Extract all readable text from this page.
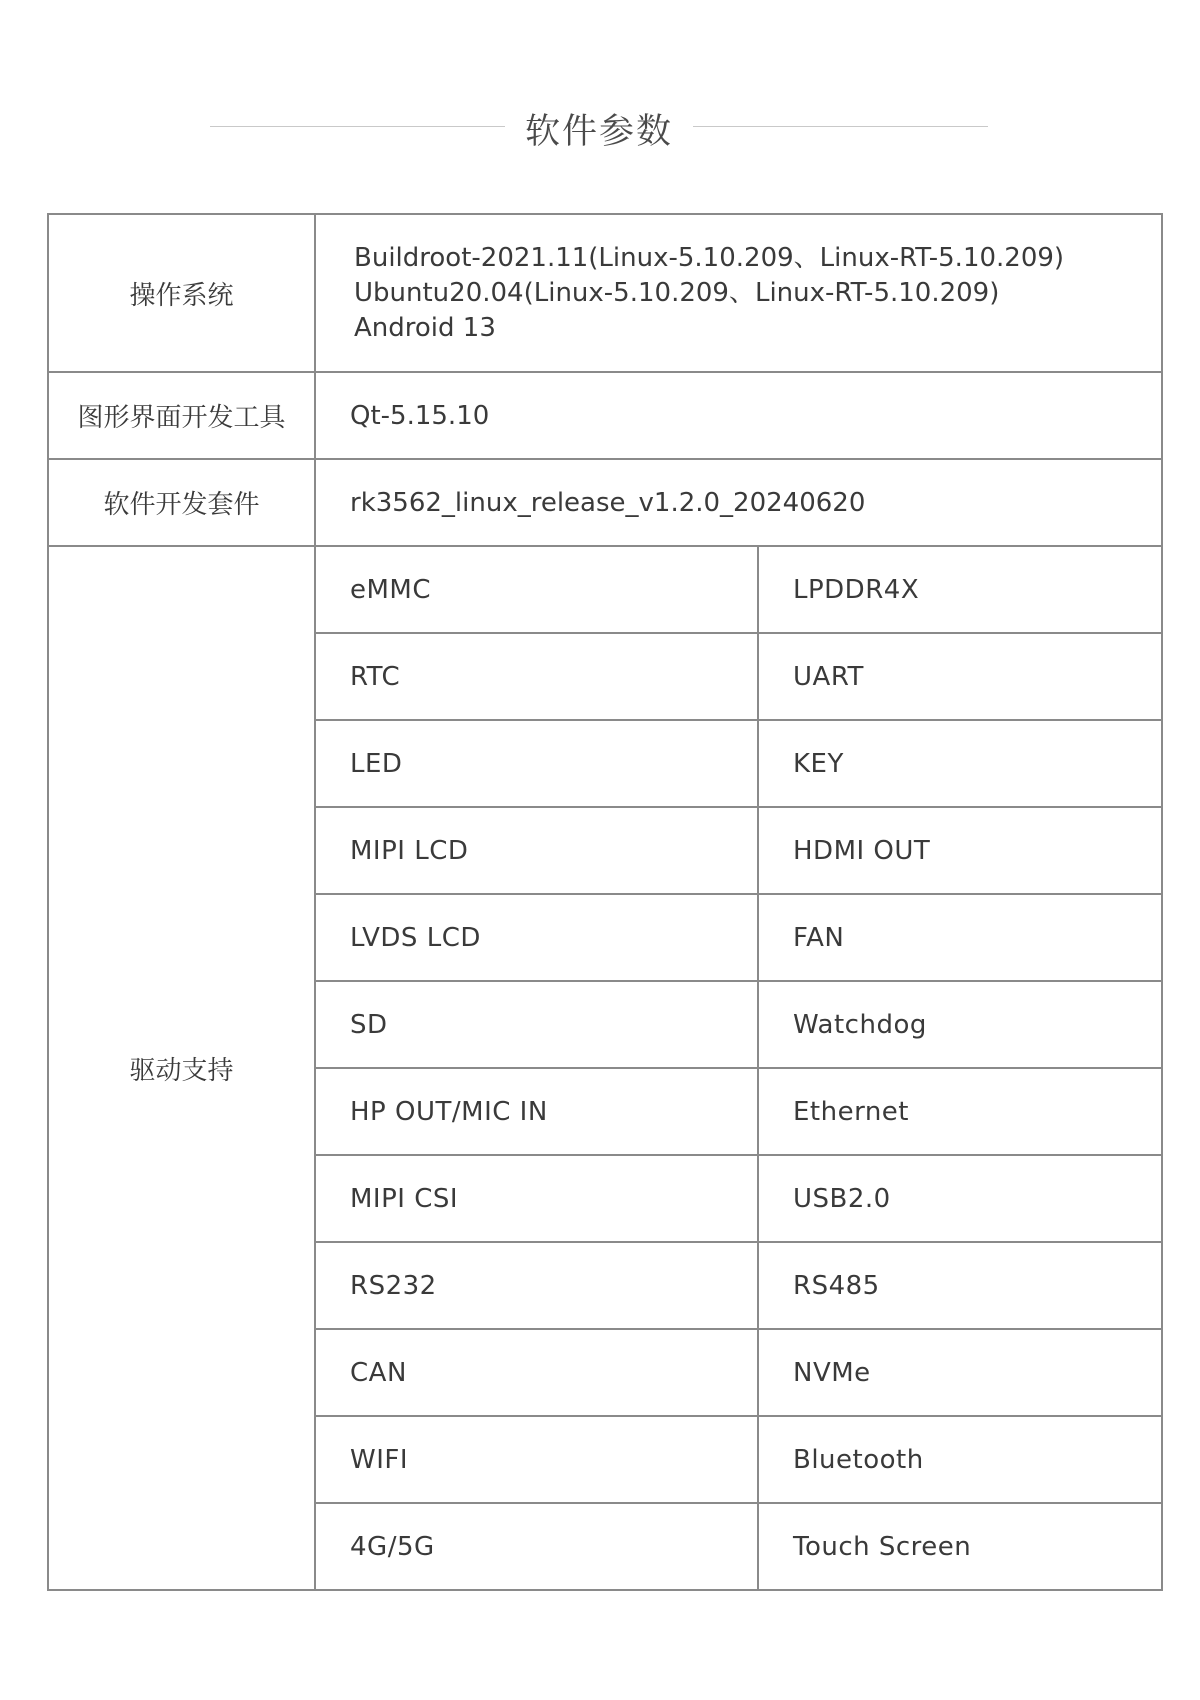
软件参数
操作系统	Buildroot-2021.11(Linux-5.10.209、Linux-RT-5.10.209)
Ubuntu20.04(Linux-5.10.209、Linux-RT-5.10.209)
Android 13	

图形界面开发工具	Qt-5.15.10	
软件开发套件	rk3562_linux_release_v1.2.0_20240620	
驱动支持	eMMC	LPDDR4X
	RTC	UART
	LED	KEY
	MIPI LCD	HDMI OUT
	LVDS LCD	FAN
	SD	Watchdog
	HP OUT/MIC IN	Ethernet
	MIPI CSI	USB2.0
	RS232	RS485
	CAN	NVMe
	WIFI	Bluetooth
	4G/5G	Touch Screen
